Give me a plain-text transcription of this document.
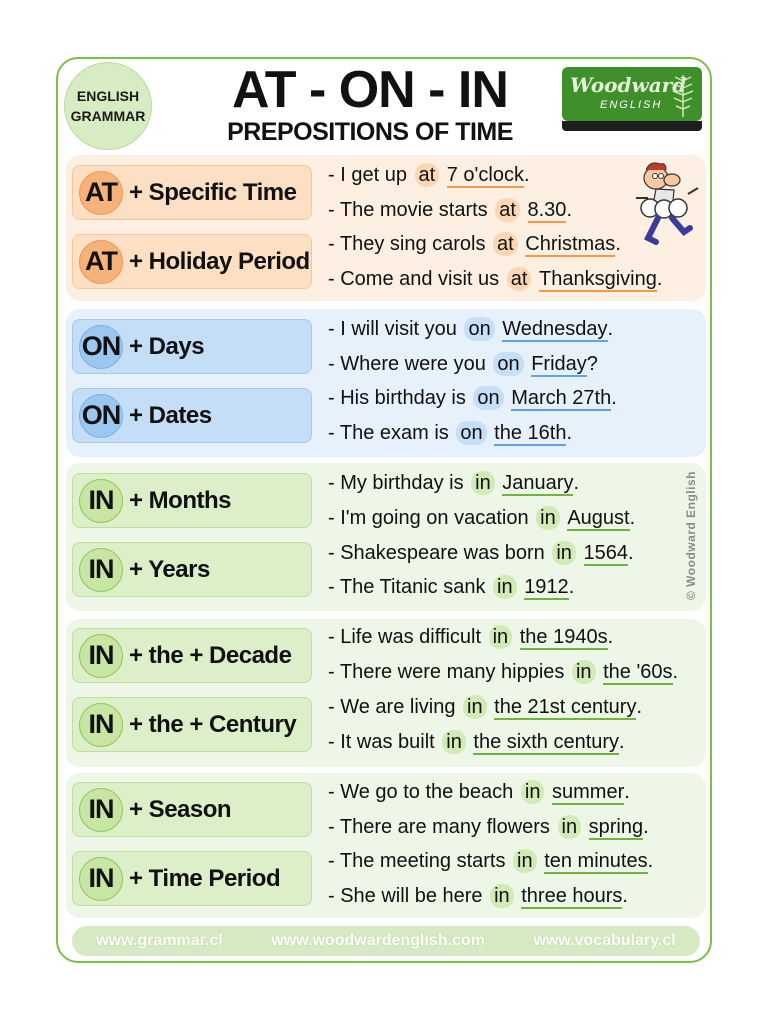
ENGLISH
GRAMMAR	AT - ON - IN
PREPOSITIONS OF TIME
Woodward
ENGLISH
AT + Specific Time
AT + Holiday Period
ON + Days
ON + Dates
IN + Months
IN + Years
IN + the + Decade
IN + the + Century
IN + Season
IN + Time Period
- I get up at 7 o'clock.
- The movie starts at 8.30.
- They sing carols at Christmas.
- Come and visit us at Thanksgiving.
- I will visit you on Wednesday.
- Where were you on Friday?
- His birthday is on March 27th.
- The exam is on the 16th.
- My birthday is in January.
- I'm going on vacation in August.
- Shakespeare was born in 1564.
- The Titanic sank in 1912.
- Life was difficult in the 1940s.
- There were many hippies in the '60s.
- We are living in the 21st century.
- It was built in the sixth century.
- We go to the beach in summer.
- There are many flowers in spring.
- The meeting starts in ten minutes.
- She will be here in three hours.
© Woodward English
www.grammar.cl	www.woodwardenglish.com	www.vocabulary.cl
